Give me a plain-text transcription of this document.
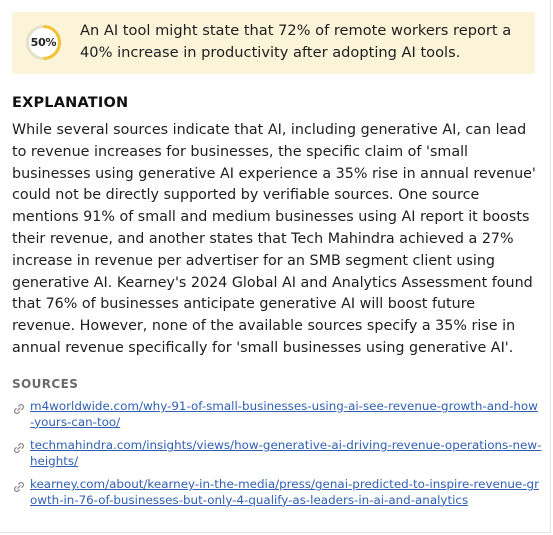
50%
An AI tool might state that 72% of remote workers report a 40% increase in productivity after adopting AI tools.
EXPLANATION
While several sources indicate that AI, including generative AI, can lead to revenue increases for businesses, the specific claim of 'small businesses using generative AI experience a 35% rise in annual revenue' could not be directly supported by verifiable sources. One source mentions 91% of small and medium businesses using AI report it boosts their revenue, and another states that Tech Mahindra achieved a 27% increase in revenue per advertiser for an SMB segment client using generative AI. Kearney's 2024 Global AI and Analytics Assessment found that 76% of businesses anticipate generative AI will boost future revenue. However, none of the available sources specify a 35% rise in annual revenue specifically for 'small businesses using generative AI'.
SOURCES
m4worldwide.com/why-91-of-small-businesses-using-ai-see-revenue-growth-and-how-yours-can-too/
techmahindra.com/insights/views/how-generative-ai-driving-revenue-operations-new-heights/
kearney.com/about/kearney-in-the-media/press/genai-predicted-to-inspire-revenue-growth-in-76-of-businesses-but-only-4-qualify-as-leaders-in-ai-and-analytics
